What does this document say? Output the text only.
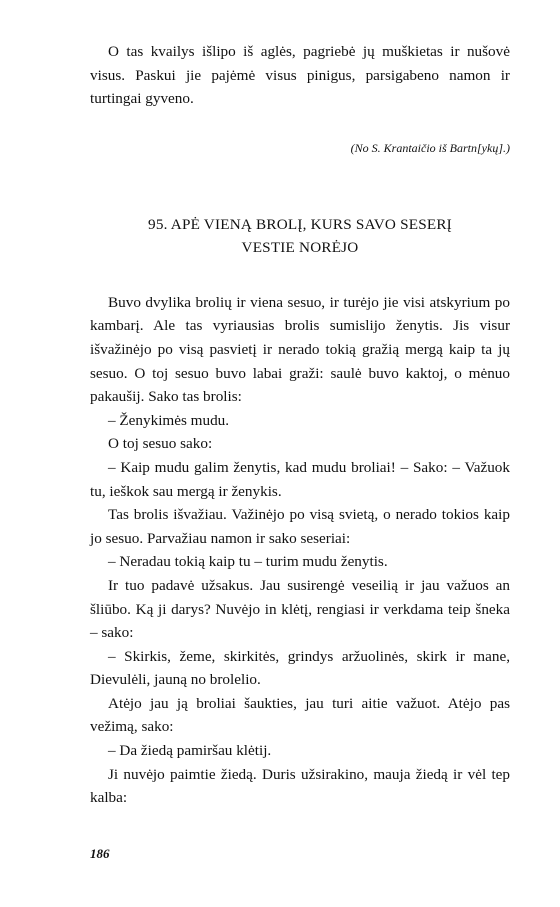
O tas kvailys išlipo iš aglės, pagriebė jų muškietas ir nušovė visus. Paskui jie pajėmė visus pinigus, parsigabeno namon ir turtingai gyveno.

(No S. Krantaičio iš Bartn[ykų].)

95. APĖ VIENĄ BROLĮ, KURS SAVO SESERĮ
VESTIE NORĖJO

Buvo dvylika brolių ir viena sesuo, ir turėjo jie visi atskyrium po kambarį. Ale tas vyriausias brolis sumislijo ženytis. Jis visur išvažinėjo po visą pasvietį ir nerado tokią gražią mergą kaip ta jų sesuo. O toj sesuo buvo labai graži: saulė buvo kaktoj, o mėnuo pakaušij. Sako tas brolis:

– Ženykimės mudu.

O toj sesuo sako:

– Kaip mudu galim ženytis, kad mudu broliai! – Sako: – Važuok tu, ieškok sau mergą ir ženykis.

Tas brolis išvažiau. Važinėjo po visą svietą, o nerado tokios kaip jo sesuo. Parvažiau namon ir sako seseriai:

– Neradau tokią kaip tu – turim mudu ženytis.

Ir tuo padavė užsakus. Jau susirengė veseilią ir jau važuos an šliūbo. Ką ji darys? Nuvėjo in klėtį, rengiasi ir verkdama teip šneka – sako:

– Skirkis, žeme, skirkitės, grindys aržuolinės, skirk ir mane, Dievulėli, jauną no brolelio.

Atėjo jau ją broliai šaukties, jau turi aitie važuot. Atėjo pas vežimą, sako:

– Da žiedą pamiršau klėtij.

Ji nuvėjo paimtie žiedą. Duris užsirakino, mauja žiedą ir vėl tep kalba:

186
